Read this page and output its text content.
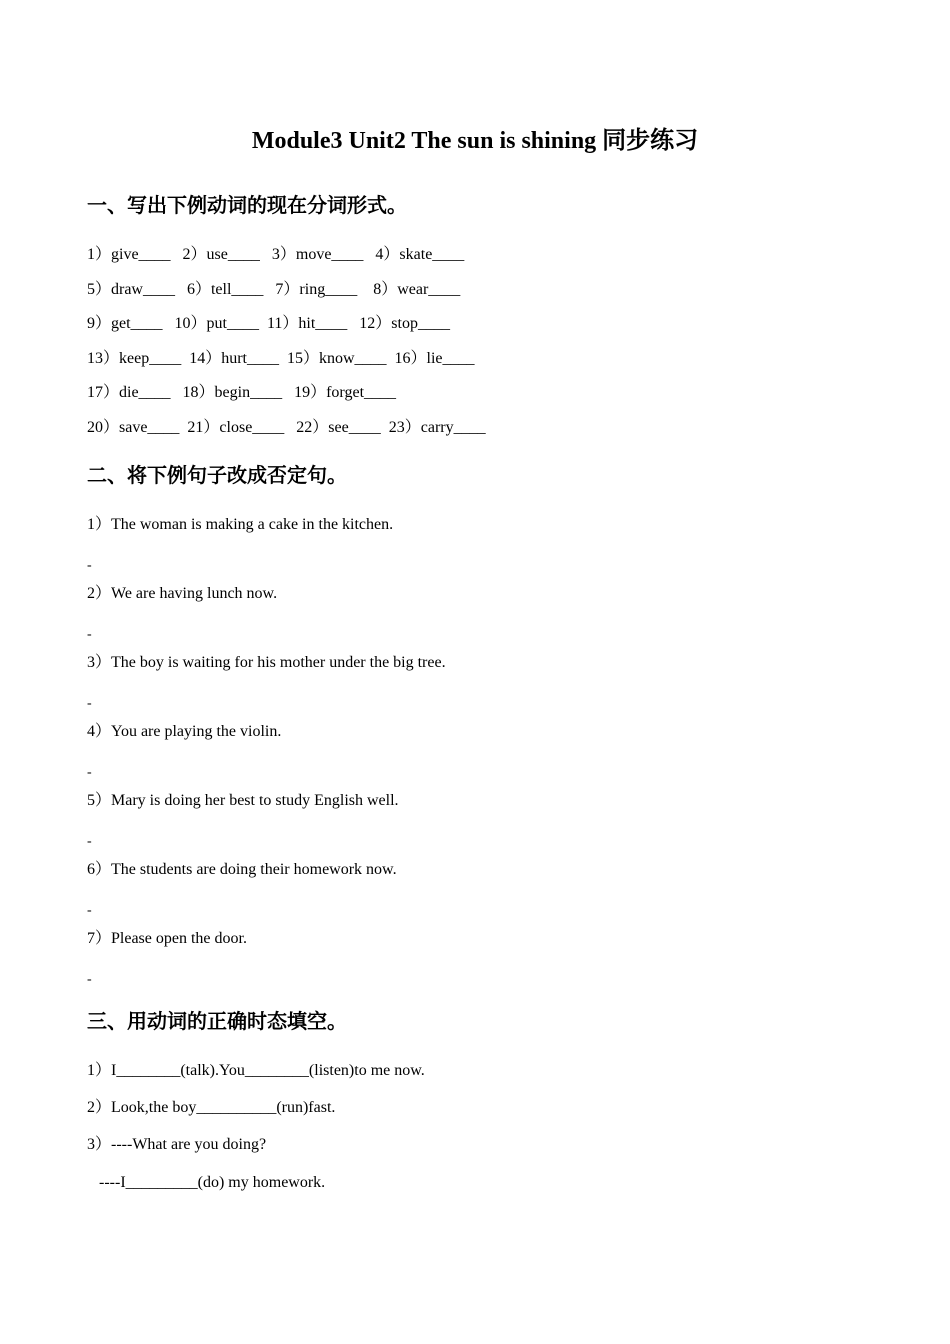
Module3 Unit2 The sun is shining 同步练习
一、写出下例动词的现在分词形式。
1）give____   2）use____   3）move____   4）skate____
5）draw____   6）tell____   7）ring____    8）wear____
9）get____   10）put____  11）hit____   12）stop____
13）keep____  14）hurt____  15）know____  16）lie____
17）die____   18）begin____   19）forget____
20）save____  21）close____   22）see____  23）carry____
二、将下例句子改成否定句。
1）The woman is making a cake in the kitchen.
-
2）We are having lunch now.
-
3）The boy is waiting for his mother under the big tree.
-
4）You are playing the violin.
-
5）Mary is doing her best to study English well.
-
6）The students are doing their homework now.
-
7）Please open the door.
-
三、用动词的正确时态填空。
1）I________(talk).You________(listen)to me now.
2）Look,the boy__________(run)fast.
3）----What are you doing?
----I_________(do) my homework.
